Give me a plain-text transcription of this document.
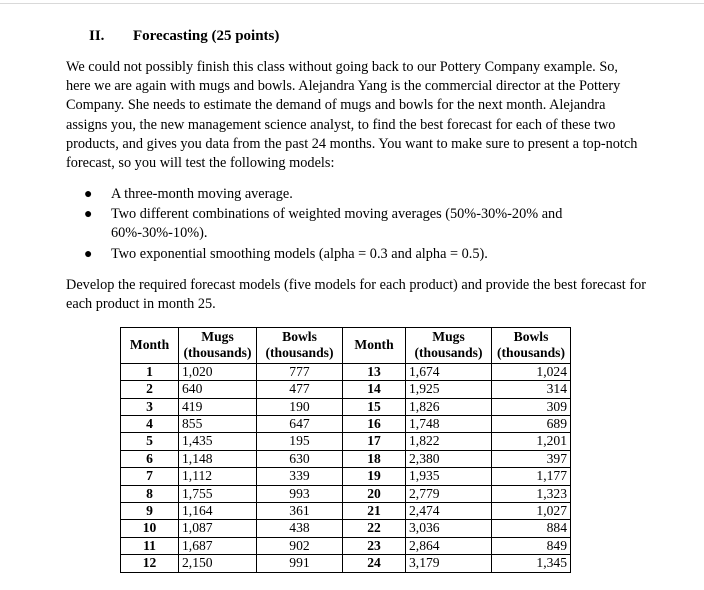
II. Forecasting (25 points)
We could not possibly finish this class without going back to our Pottery Company example. So, here we are again with mugs and bowls. Alejandra Yang is the commercial director at the Pottery Company. She needs to estimate the demand of mugs and bowls for the next month. Alejandra assigns you, the new management science analyst, to find the best forecast for each of these two products, and gives you data from the past 24 months. You want to make sure to present a top-notch forecast, so you will test the following models:
● A three-month moving average.
● Two different combinations of weighted moving averages (50%-30%-20% and 60%-30%-10%).
● Two exponential smoothing models (alpha = 0.3 and alpha = 0.5).
Develop the required forecast models (five models for each product) and provide the best forecast for each product in month 25.
Month	Mugs (thousands)	Bowls (thousands)	Month	Mugs (thousands)	Bowls (thousands)
1	1,020	777	13	1,674	1,024
2	640	477	14	1,925	314
3	419	190	15	1,826	309
4	855	647	16	1,748	689
5	1,435	195	17	1,822	1,201
6	1,148	630	18	2,380	397
7	1,112	339	19	1,935	1,177
8	1,755	993	20	2,779	1,323
9	1,164	361	21	2,474	1,027
10	1,087	438	22	3,036	884
11	1,687	902	23	2,864	849
12	2,150	991	24	3,179	1,345
